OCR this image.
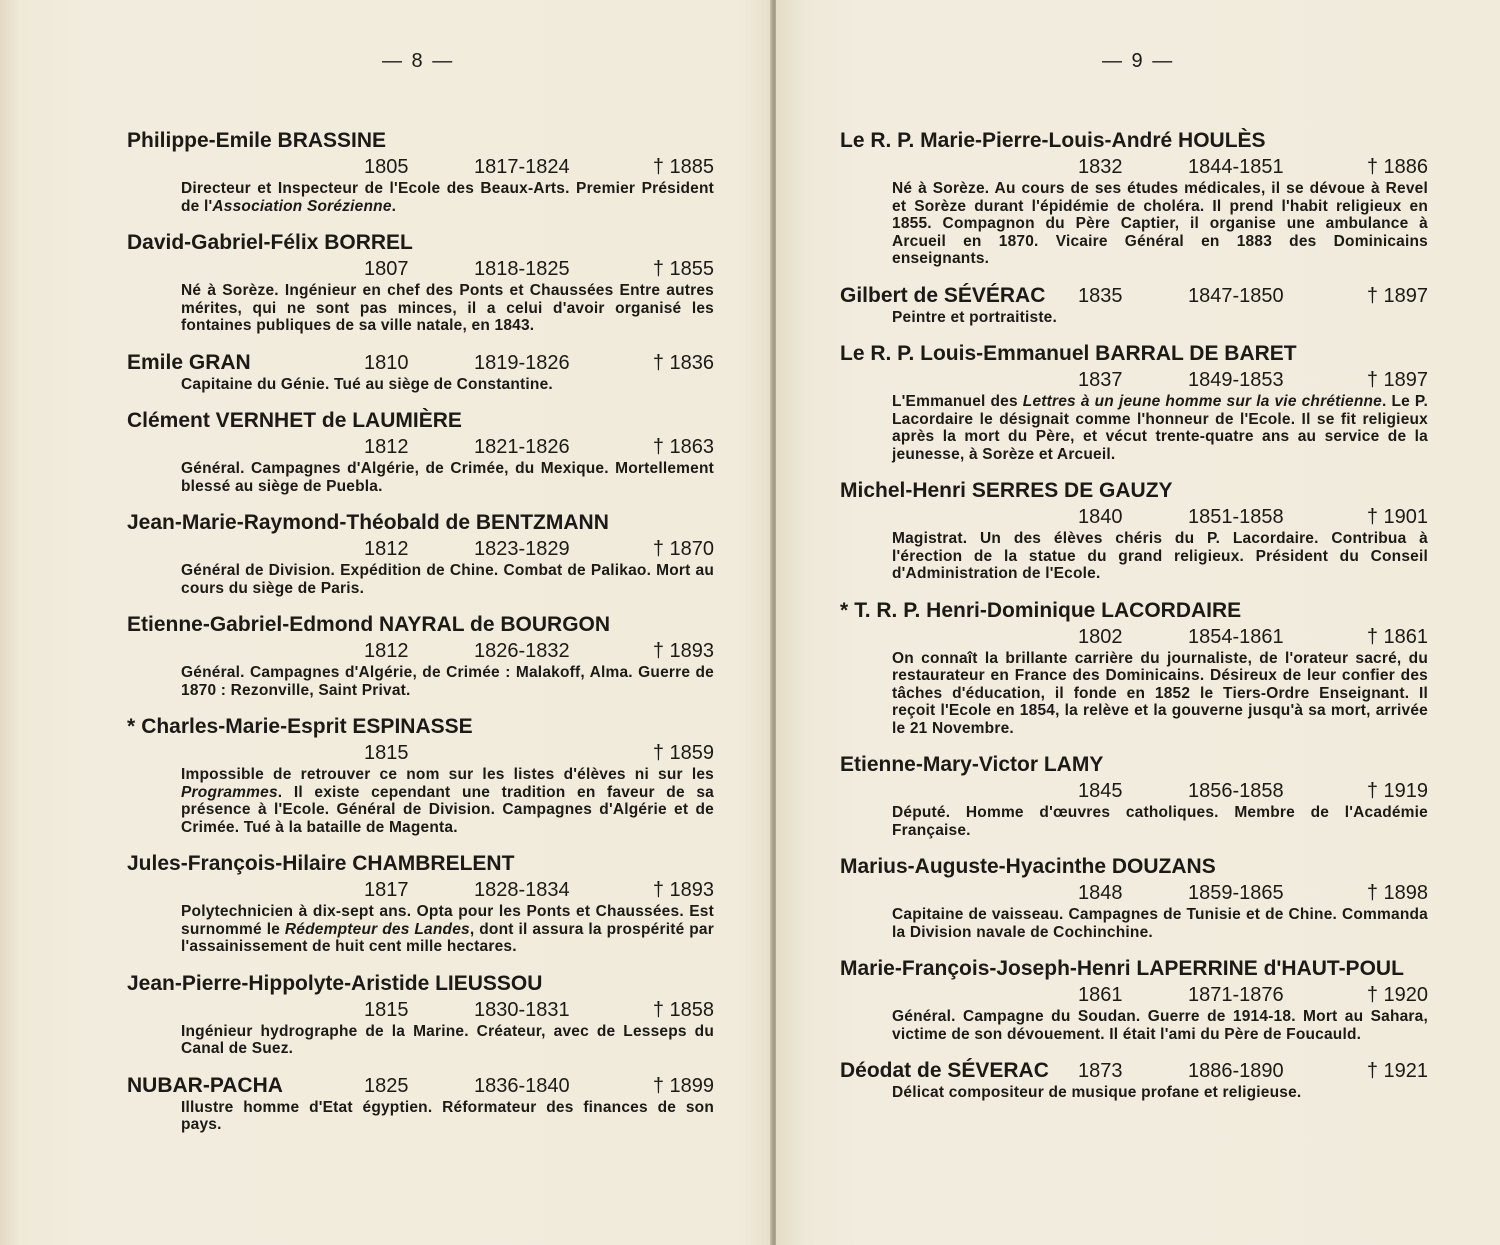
— 8 —
Philippe-Emile BRASSINE
1805	1817-1824	† 1885
Directeur et Inspecteur de l'Ecole des Beaux-Arts. Premier Président de l'Association Sorézienne.
David-Gabriel-Félix BORREL
1807	1818-1825	† 1855
Né à Sorèze. Ingénieur en chef des Ponts et Chaussées Entre autres mérites, qui ne sont pas minces, il a celui d'avoir organisé les fontaines publiques de sa ville natale, en 1843.
Emile GRAN	1810	1819-1826	† 1836
Capitaine du Génie. Tué au siège de Constantine.
Clément VERNHET de LAUMIÈRE
1812	1821-1826	† 1863
Général. Campagnes d'Algérie, de Crimée, du Mexique. Mortellement blessé au siège de Puebla.
Jean-Marie-Raymond-Théobald de BENTZMANN
1812	1823-1829	† 1870
Général de Division. Expédition de Chine. Combat de Palikao. Mort au cours du siège de Paris.
Etienne-Gabriel-Edmond NAYRAL de BOURGON
1812	1826-1832	† 1893
Général. Campagnes d'Algérie, de Crimée : Malakoff, Alma. Guerre de 1870 : Rezonville, Saint Privat.
* Charles-Marie-Esprit ESPINASSE
1815	† 1859
Impossible de retrouver ce nom sur les listes d'élèves ni sur les Programmes. Il existe cependant une tradition en faveur de sa présence à l'Ecole. Général de Division. Campagnes d'Algérie et de Crimée. Tué à la bataille de Magenta.
Jules-François-Hilaire CHAMBRELENT
1817	1828-1834	† 1893
Polytechnicien à dix-sept ans. Opta pour les Ponts et Chaussées. Est surnommé le Rédempteur des Landes, dont il assura la prospérité par l'assainissement de huit cent mille hectares.
Jean-Pierre-Hippolyte-Aristide LIEUSSOU
1815	1830-1831	† 1858
Ingénieur hydrographe de la Marine. Créateur, avec de Lesseps du Canal de Suez.
NUBAR-PACHA	1825	1836-1840	† 1899
Illustre homme d'Etat égyptien. Réformateur des finances de son pays.
— 9 —
Le R. P. Marie-Pierre-Louis-André HOULÈS
1832	1844-1851	† 1886
Né à Sorèze. Au cours de ses études médicales, il se dévoue à Revel et Sorèze durant l'épidémie de choléra. Il prend l'habit religieux en 1855. Compagnon du Père Captier, il organise une ambulance à Arcueil en 1870. Vicaire Général en 1883 des Dominicains enseignants.
Gilbert de SÉVÉRAC	1835	1847-1850	† 1897
Peintre et portraitiste.
Le R. P. Louis-Emmanuel BARRAL DE BARET
1837	1849-1853	† 1897
L'Emmanuel des Lettres à un jeune homme sur la vie chrétienne. Le P. Lacordaire le désignait comme l'honneur de l'Ecole. Il se fit religieux après la mort du Père, et vécut trente-quatre ans au service de la jeunesse, à Sorèze et Arcueil.
Michel-Henri SERRES DE GAUZY
1840	1851-1858	† 1901
Magistrat. Un des élèves chéris du P. Lacordaire. Contribua à l'érection de la statue du grand religieux. Président du Conseil d'Administration de l'Ecole.
* T. R. P. Henri-Dominique LACORDAIRE
1802	1854-1861	† 1861
On connaît la brillante carrière du journaliste, de l'orateur sacré, du restaurateur en France des Dominicains. Désireux de leur confier des tâches d'éducation, il fonde en 1852 le Tiers-Ordre Enseignant. Il reçoit l'Ecole en 1854, la relève et la gouverne jusqu'à sa mort, arrivée le 21 Novembre.
Etienne-Mary-Victor LAMY
1845	1856-1858	† 1919
Député. Homme d'œuvres catholiques. Membre de l'Académie Française.
Marius-Auguste-Hyacinthe DOUZANS
1848	1859-1865	† 1898
Capitaine de vaisseau. Campagnes de Tunisie et de Chine. Commanda la Division navale de Cochinchine.
Marie-François-Joseph-Henri LAPERRINE d'HAUT-POUL
1861	1871-1876	† 1920
Général. Campagne du Soudan. Guerre de 1914-18. Mort au Sahara, victime de son dévouement. Il était l'ami du Père de Foucauld.
Déodat de SÉVERAC	1873	1886-1890	† 1921
Délicat compositeur de musique profane et religieuse.
